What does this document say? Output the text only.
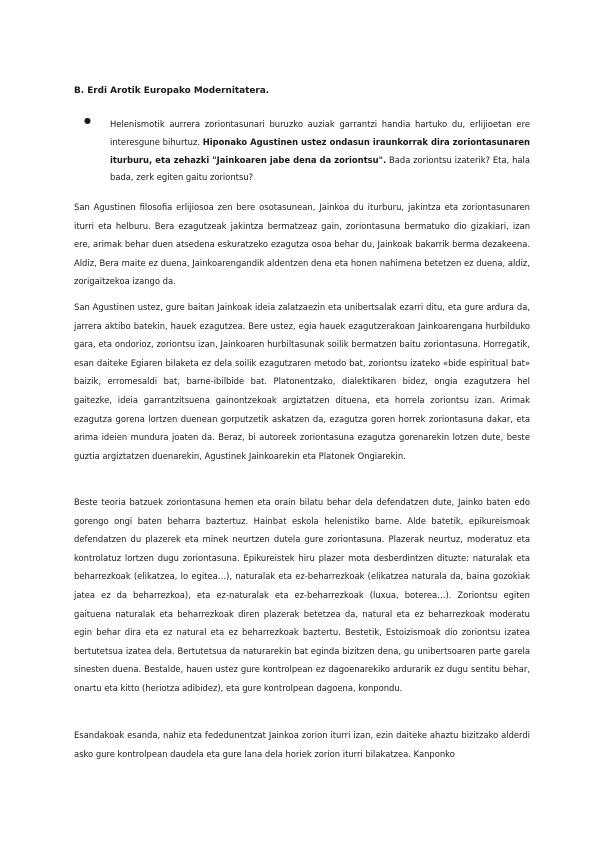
B. Erdi Arotik Europako Modernitatera.
● Helenismotik aurrera zoriontasunari buruzko auziak garrantzi handia hartuko du, erlijioetan ere interesgune bihurtuz. Hiponako Agustinen ustez ondasun iraunkorrak dira zoriontasunaren iturburu, eta zehazki "Jainkoaren jabe dena da zoriontsu". Bada zoriontsu izaterik? Eta, hala bada, zerk egiten gaitu zoriontsu?

San Agustinen filosofia erlijiosoa zen bere osotasunean, Jainkoa du iturburu, jakintza eta zoriontasunaren iturri eta helburu. Bera ezagutzeak jakintza bermatzeaz gain, zoriontasuna bermatuko dio gizakiari, izan ere, arimak behar duen atsedena eskuratzeko ezagutza osoa behar du, Jainkoak bakarrik berma dezakeena. Aldiz, Bera maite ez duena, Jainkoarengandik aldentzen dena eta honen nahimena betetzen ez duena, aldiz, zorigaitzekoa izango da.

San Agustinen ustez, gure baitan Jainkoak ideia zalatzaezin eta unibertsalak ezarri ditu, eta gure ardura da, jarrera aktibo batekin, hauek ezagutzea. Bere ustez, egia hauek ezagutzerakoan Jainkoarengana hurbilduko gara, eta ondorioz, zoriontsu izan, Jainkoaren hurbiltasunak soilik bermatzen baitu zoriontasuna. Horregatik, esan daiteke Egiaren bilaketa ez dela soilik ezagutzaren metodo bat, zoriontsu izateko «bide espiritual bat» baizik, erromesaldi bat, barne-ibilbide bat. Platonentzako, dialektikaren bidez, ongia ezagutzera hel gaitezke, ideia garrantzitsuena gainontzekoak argiztatzen dituena, eta horrela zoriontsu izan. Arimak ezagutza gorena lortzen duenean gorputzetik askatzen da, ezagutza goren horrek zoriontasuna dakar, eta arima ideien mundura joaten da. Beraz, bi autoreek zoriontasuna ezagutza gorenarekin lotzen dute, beste guztia argiztatzen duenarekin, Agustinek Jainkoarekin eta Platonek Ongiarekin.

Beste teoria batzuek zoriontasuna hemen eta orain bilatu behar dela defendatzen dute, Jainko baten edo gorengo ongi baten beharra baztertuz. Hainbat eskola helenistiko barne. Alde batetik, epikureismoak defendatzen du plazerek eta minek neurtzen dutela gure zoriontasuna. Plazerak neurtuz, moderatuz eta kontrolatuz lortzen dugu zoriontasuna. Epikureistek hiru plazer mota desberdintzen dituzte: naturalak eta beharrezkoak (elikatzea, lo egitea…), naturalak eta ez-beharrezkoak (elikatzea naturala da, baina gozokiak jatea ez da beharrezkoa), eta ez-naturalak eta ez-beharrezkoak (luxua, boterea…). Zoriontsu egiten gaituena naturalak eta beharrezkoak diren plazerak betetzea da, natural eta ez beharrezkoak moderatu egin behar dira eta ez natural eta ez beharrezkoak baztertu. Bestetik, Estoizismoak dio zoriontsu izatea bertutetsua izatea dela. Bertutetsua da naturarekin bat eginda bizitzen dena, gu unibertsoaren parte garela sinesten duena. Bestalde, hauen ustez gure kontrolpean ez dagoenarekiko ardurarik ez dugu sentitu behar, onartu eta kitto (heriotza adibidez), eta gure kontrolpean dagoena, konpondu.

Esandakoak esanda, nahiz eta fededunentzat Jainkoa zorion iturri izan, ezin daiteke ahaztu bizitzako alderdi asko gure kontrolpean daudela eta gure lana dela horiek zorion iturri bilakatzea. Kanponko
